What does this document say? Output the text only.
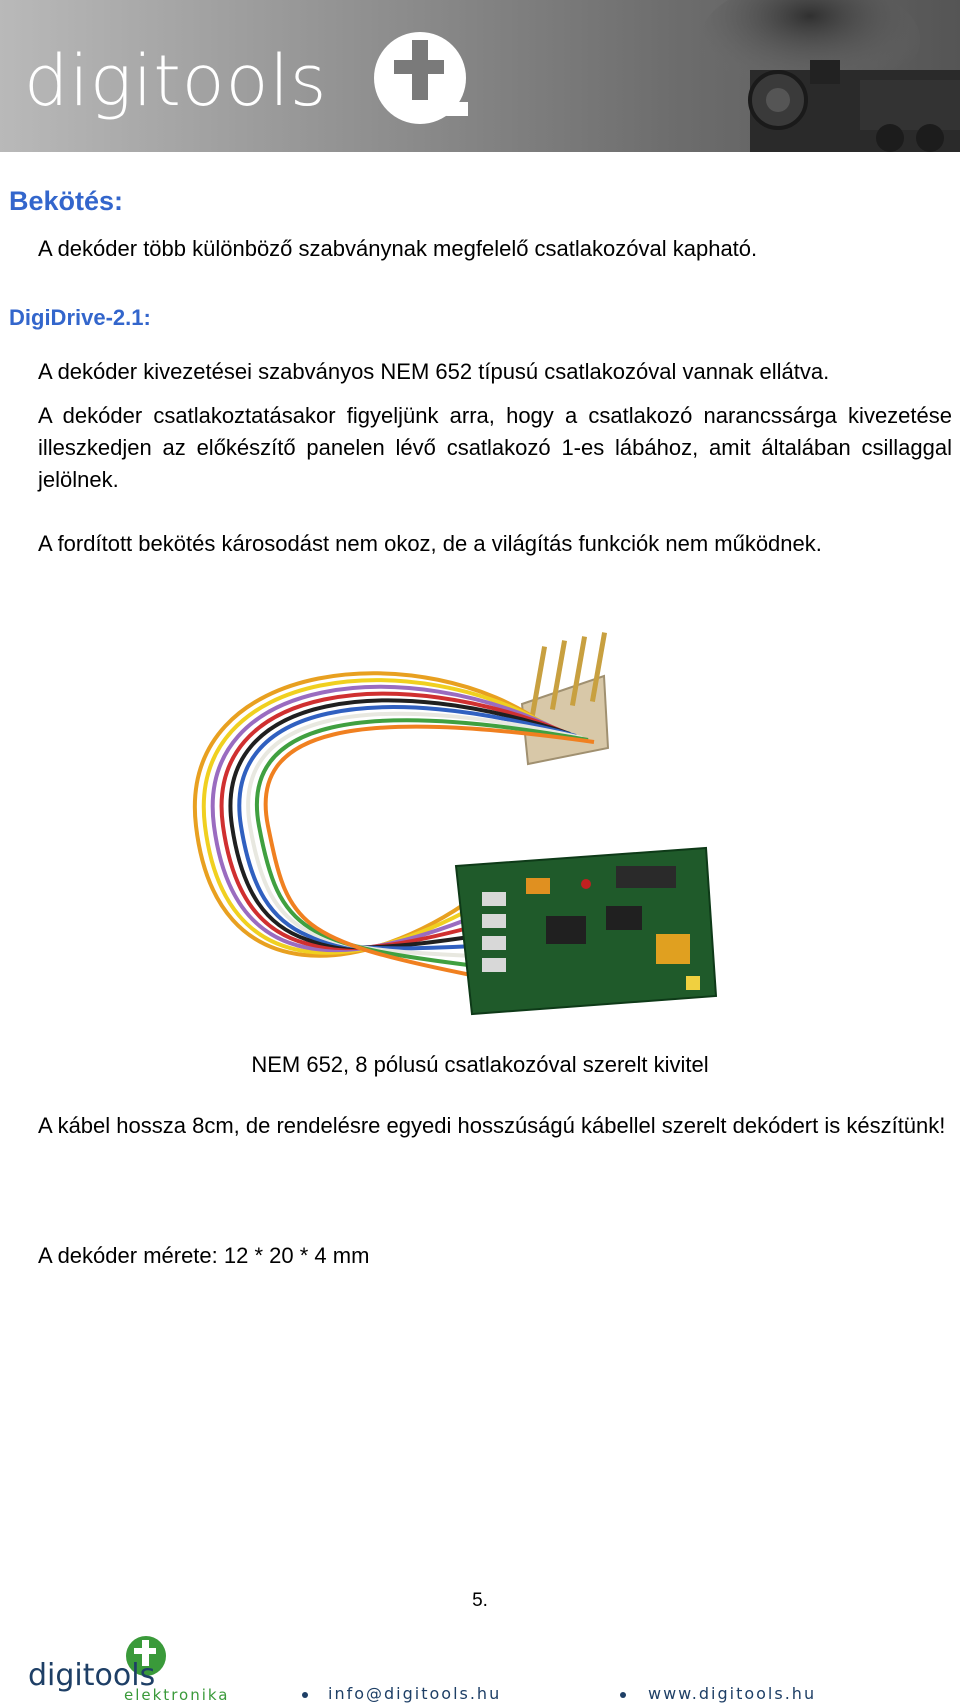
digitools
Bekötés:

A dekóder több különböző szabványnak megfelelő csatlakozóval kapható.

DigiDrive-2.1:

A dekóder kivezetései szabványos NEM 652 típusú csatlakozóval vannak ellátva.

A dekóder csatlakoztatásakor figyeljünk arra, hogy a csatlakozó narancssárga kivezetése illeszkedjen az előkészítő panelen lévő csatlakozó 1-es lábához, amit általában csillaggal jelölnek.

A fordított bekötés károsodást nem okoz, de a világítás funkciók nem működnek.

NEM 652, 8 pólusú csatlakozóval szerelt kivitel

A kábel hossza 8cm, de rendelésre egyedi hosszúságú kábellel szerelt dekódert is készítünk!

A dekóder mérete: 12 * 20 * 4 mm

5.
digitools
elektronika	info@digitools.hu	www.digitools.hu
